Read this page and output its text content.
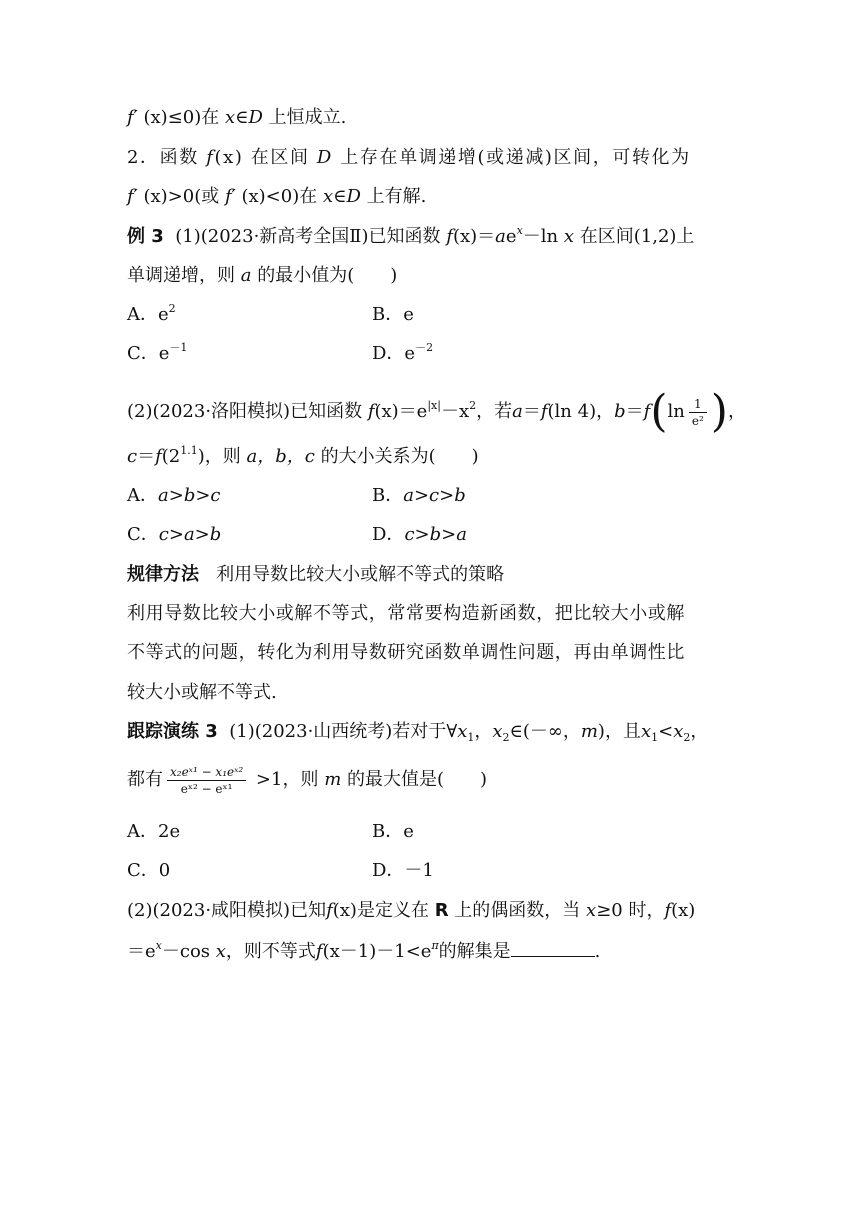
f′ (x)≤0)在 x∈D 上恒成立.
2．函数 f(x) 在区间 D 上存在单调递增(或递减)区间，可转化为
f′ (x)>0(或 f′ (x)<0)在 x∈D 上有解.
例 3 (1)(2023·新高考全国Ⅱ)已知函数 $f(x)=ae^x-\ln$ x 在区间(1,2)上
单调递增，则 a 的最小值为(　　)
A．$e^2$	B．e
C．$e^{-1}$	D．$e^{-2}$
(2)(2023·洛阳模拟)已知函数 $f(x)=e^{|x|}-x^2$，若a＝f(ln 4)，$b=f(\ln \frac{1}{\text{e²}}$ )，
$c=f(2^{1.1})$，则 a，b，c 的大小关系为(　　)
A．a>b>c	B．a>c>b
C．c>a>b	D．c>b>a
规律方法 利用导数比较大小或解不等式的策略
利用导数比较大小或解不等式，常常要构造新函数，把比较大小或解
不等式的问题，转化为利用导数研究函数单调性问题，再由单调性比
较大小或解不等式.
跟踪演练 3 (1)(2023·山西统考)若对于$\forall x_1$，$x_2\in(-\infty$，m)，且$x_1<x_2$，
都有 $\frac{\text{x₂eˣ¹ − x₁eˣ²}}{\text{eˣ² − eˣ¹}} >1$，则 m 的最大值是(　　)
A．2e	B．e
C．0	D．－1
(2)(2023·咸阳模拟)已知f(x)是定义在 R 上的偶函数，当 x≥0 时，f(x)
$=e^x-\cos$ x，则不等式$f(x-1)-1<e^\pi$的解集是	.
